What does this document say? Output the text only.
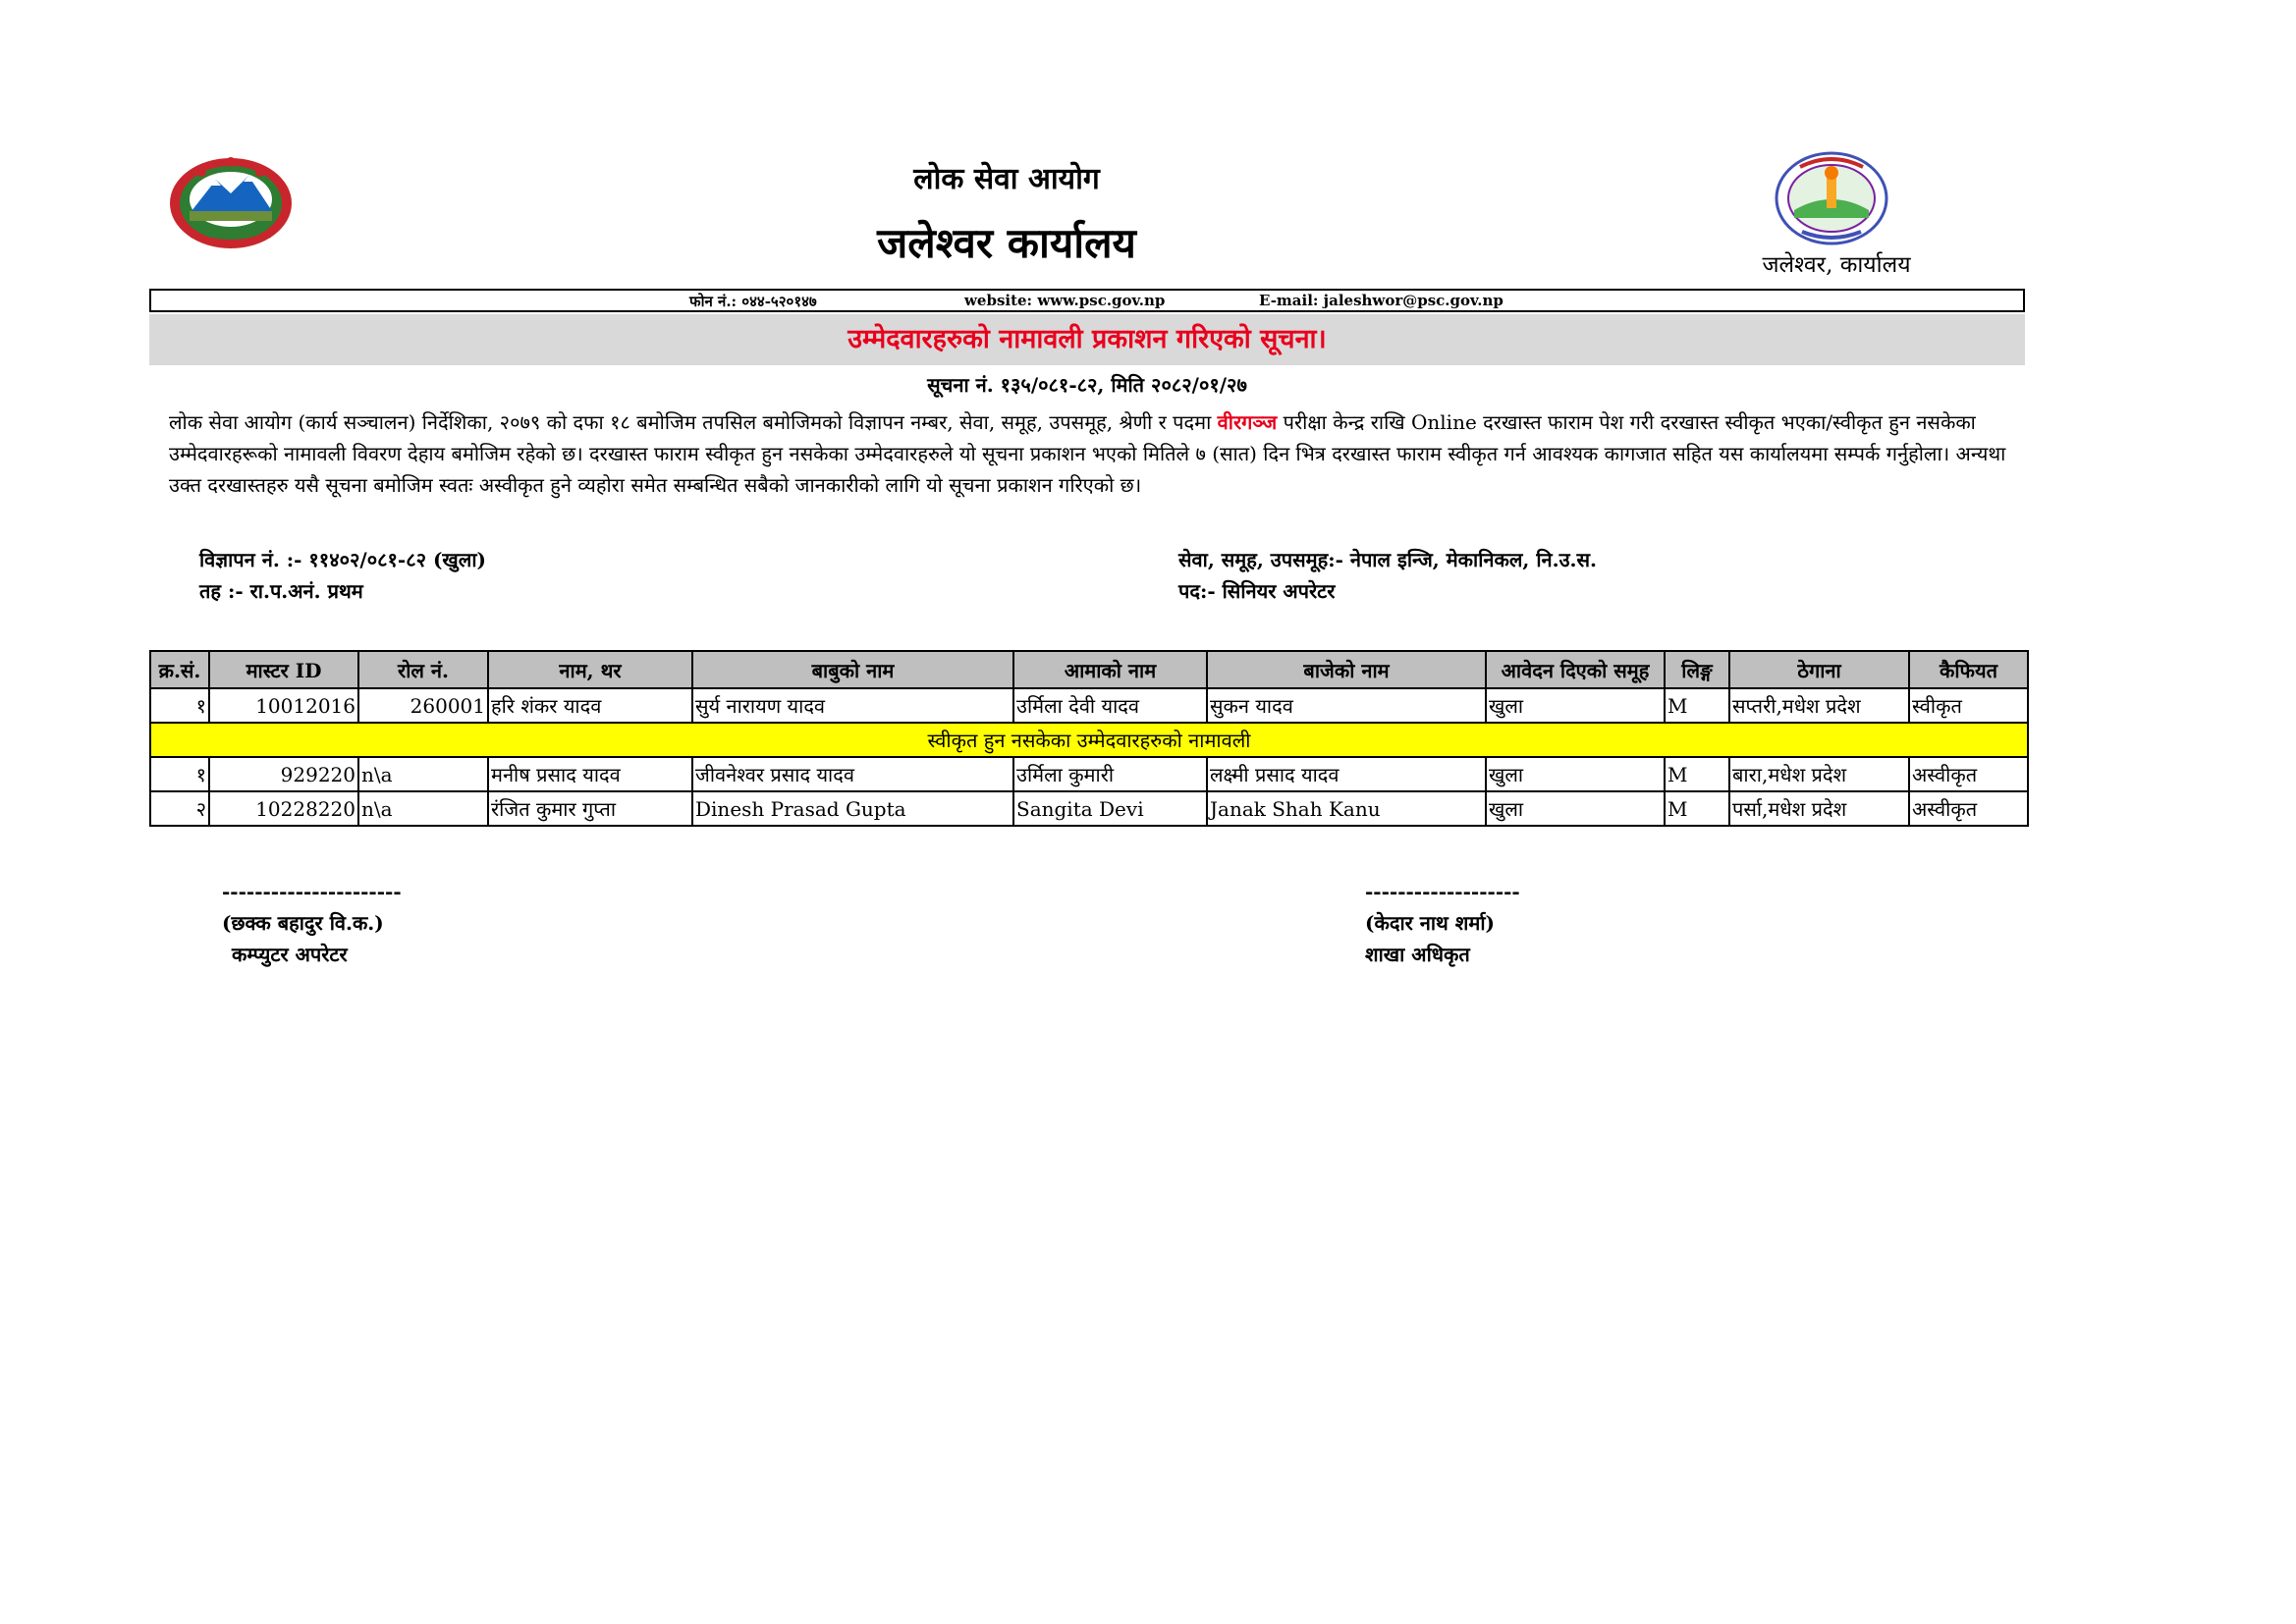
लोक सेवा आयोग
जलेश्वर कार्यालय	जलेश्वर, कार्यालय
फोन नं.: ०४४-५२०१४७	website: www.psc.gov.np	E-mail: jaleshwor@psc.gov.np
उम्मेदवारहरुको नामावली प्रकाशन गरिएको सूचना।
सूचना नं. १३५/०८१-८२, मिति २०८२/०१/२७
लोक सेवा आयोग (कार्य सञ्चालन) निर्देशिका, २०७९ को दफा १८ बमोजिम तपसिल बमोजिमको विज्ञापन नम्बर, सेवा, समूह, उपसमूह, श्रेणी र पदमा वीरगञ्ज परीक्षा केन्द्र राखि Online दरखास्त फाराम पेश गरी दरखास्त स्वीकृत भएका/स्वीकृत हुन नसकेका उम्मेदवारहरूको नामावली विवरण देहाय बमोजिम रहेको छ। दरखास्त फाराम स्वीकृत हुन नसकेका उम्मेदवारहरुले यो सूचना प्रकाशन भएको मितिले ७ (सात) दिन भित्र दरखास्त फाराम स्वीकृत गर्न आवश्यक कागजात सहित यस कार्यालयमा सम्पर्क गर्नुहोला। अन्यथा उक्त दरखास्तहरु यसै सूचना बमोजिम स्वतः अस्वीकृत हुने व्यहोरा समेत सम्बन्धित सबैको जानकारीको लागि यो सूचना प्रकाशन गरिएको छ।
विज्ञापन नं. :- ११४०२/०८१-८२ (खुला)
तह :- रा.प.अनं. प्रथम
सेवा, समूह, उपसमूह:- नेपाल इन्जि, मेकानिकल, नि.उ.स.
पद:- सिनियर अपरेटर
क्र.सं.	मास्टर ID	रोल नं.	नाम, थर	बाबुको नाम	आमाको नाम	बाजेको नाम	आवेदन दिएको समूह	लिङ्ग	ठेगाना	कैफियत
१	10012016	260001	हरि शंकर यादव	सुर्य नारायण यादव	उर्मिला देवी यादव	सुकन यादव	खुला	M	सप्तरी,मधेश प्रदेश	स्वीकृत
स्वीकृत हुन नसकेका उम्मेदवारहरुको नामावली										
१	929220	n\a	मनीष प्रसाद यादव	जीवनेश्वर प्रसाद यादव	उर्मिला कुमारी	लक्ष्मी प्रसाद यादव	खुला	M	बारा,मधेश प्रदेश	अस्वीकृत
२	10228220	n\a	रंजित कुमार गुप्ता	Dinesh Prasad Gupta	Sangita Devi	Janak Shah Kanu	खुला	M	पर्सा,मधेश प्रदेश	अस्वीकृत
----------------------
(छक्क बहादुर वि.क.)
कम्प्युटर अपरेटर
-------------------
(केदार नाथ शर्मा)
शाखा अधिकृत
